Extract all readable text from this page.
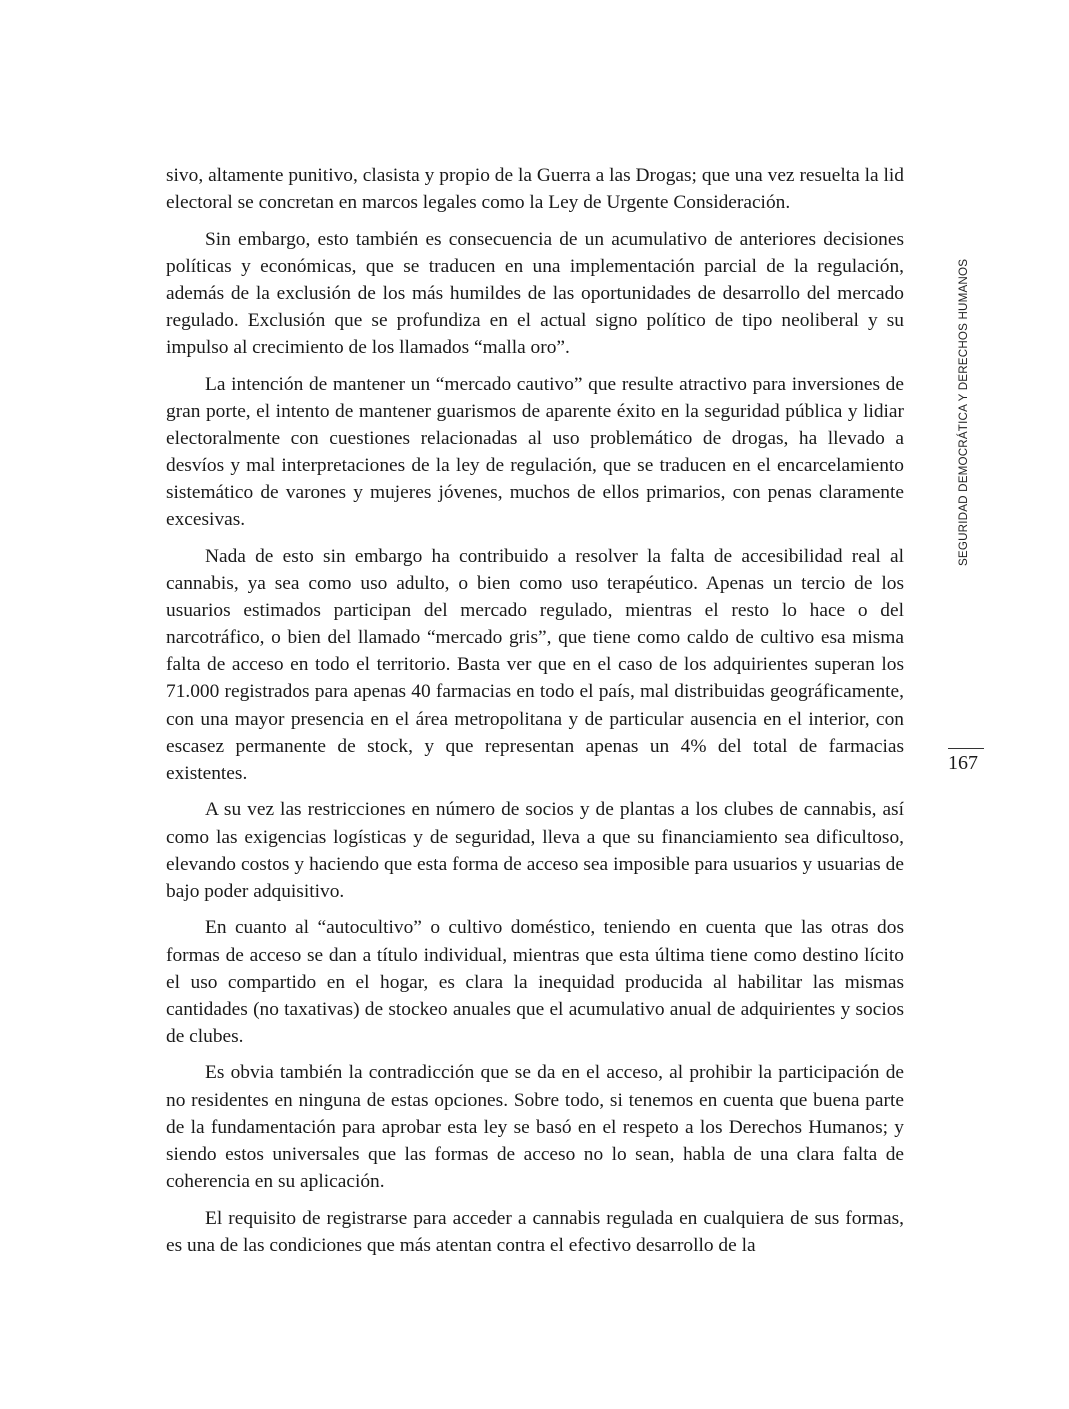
sivo, altamente punitivo, clasista y propio de la Guerra a las Drogas; que una vez resuelta la lid electoral se concretan en marcos legales como la Ley de Urgente Consideración.

Sin embargo, esto también es consecuencia de un acumulativo de anteriores decisiones políticas y económicas, que se traducen en una implementación parcial de la regulación, además de la exclusión de los más humildes de las oportunidades de desarrollo del mercado regulado. Exclusión que se profundiza en el actual signo político de tipo neoliberal y su impulso al crecimiento de los llamados “malla oro”.

La intención de mantener un “mercado cautivo” que resulte atractivo para inversiones de gran porte, el intento de mantener guarismos de aparente éxito en la seguridad pública y lidiar electoralmente con cuestiones relacionadas al uso problemático de drogas, ha llevado a desvíos y mal interpretaciones de la ley de regulación, que se traducen en el encarcelamiento sistemático de varones y mujeres jóvenes, muchos de ellos primarios, con penas claramente excesivas.

Nada de esto sin embargo ha contribuido a resolver la falta de accesibilidad real al cannabis, ya sea como uso adulto, o bien como uso terapéutico. Apenas un tercio de los usuarios estimados participan del mercado regulado, mientras el resto lo hace o del narcotráfico, o bien del llamado “mercado gris”, que tiene como caldo de cultivo esa misma falta de acceso en todo el territorio. Basta ver que en el caso de los adquirientes superan los 71.000 registrados para apenas 40 farmacias en todo el país, mal distribuidas geográficamente, con una mayor presencia en el área metropolitana y de particular ausencia en el interior, con escasez permanente de stock, y que representan apenas un 4% del total de farmacias existentes.

A su vez las restricciones en número de socios y de plantas a los clubes de cannabis, así como las exigencias logísticas y de seguridad, lleva a que su financiamiento sea dificultoso, elevando costos y haciendo que esta forma de acceso sea imposible para usuarios y usuarias de bajo poder adquisitivo.

En cuanto al “autocultivo” o cultivo doméstico, teniendo en cuenta que las otras dos formas de acceso se dan a título individual, mientras que esta última tiene como destino lícito el uso compartido en el hogar, es clara la inequidad producida al habilitar las mismas cantidades (no taxativas) de stockeo anuales que el acumulativo anual de adquirientes y socios de clubes.

Es obvia también la contradicción que se da en el acceso, al prohibir la participación de no residentes en ninguna de estas opciones. Sobre todo, si tenemos en cuenta que buena parte de la fundamentación para aprobar esta ley se basó en el respeto a los Derechos Humanos; y siendo estos universales que las formas de acceso no lo sean, habla de una clara falta de coherencia en su aplicación.

El requisito de registrarse para acceder a cannabis regulada en cualquiera de sus formas, es una de las condiciones que más atentan contra el efectivo desarrollo de la

SEGURIDAD DEMOCRÁTICA Y DERECHOS HUMANOS
167
